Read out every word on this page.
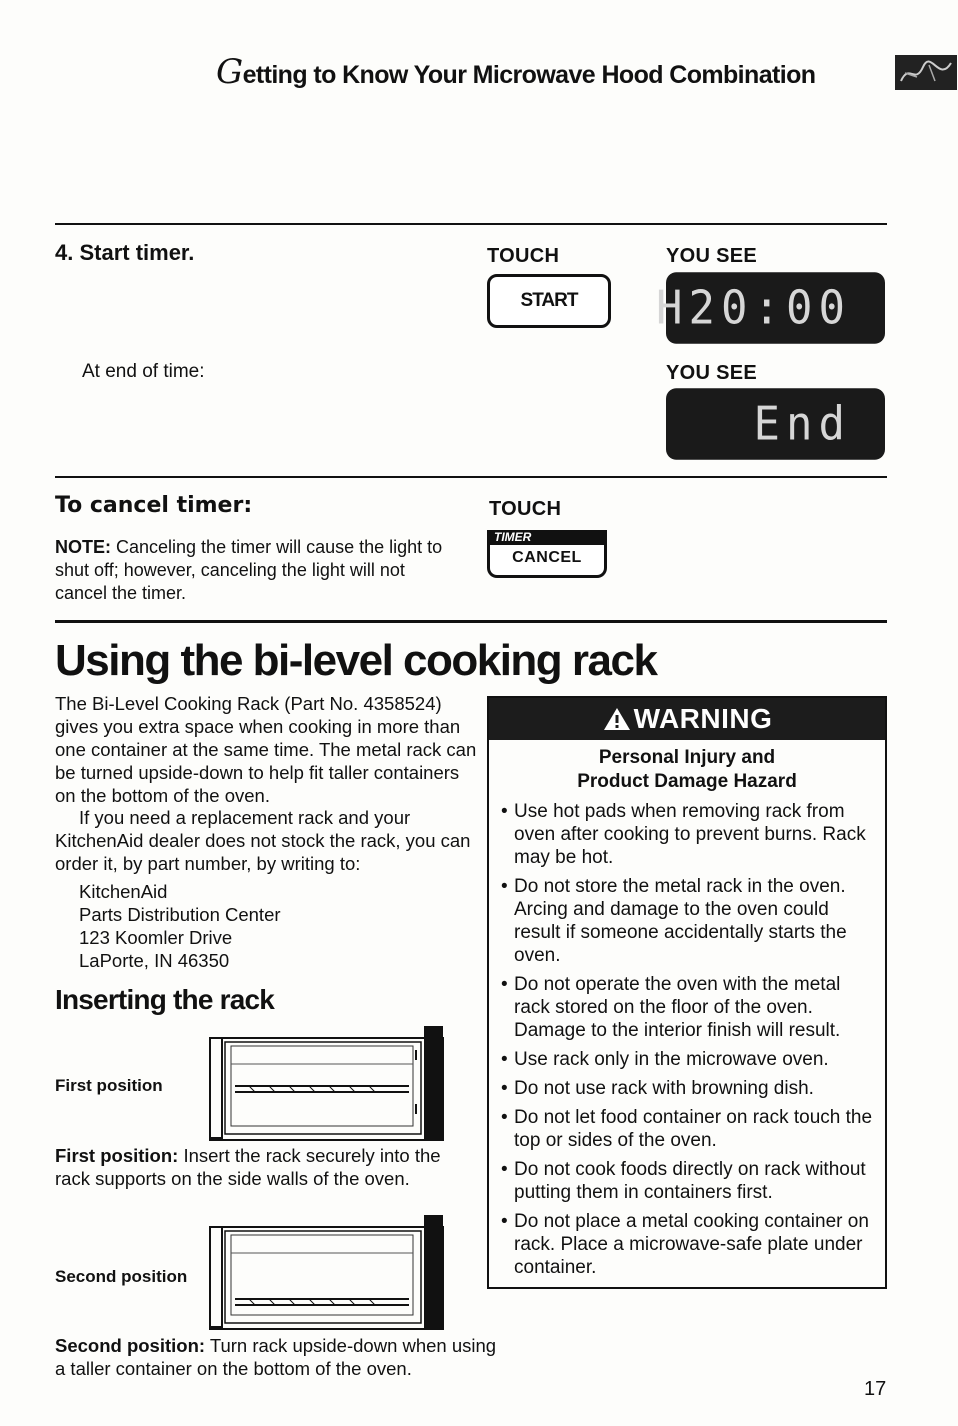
Getting to Know Your Microwave Hood Combination
4. Start timer.	TOUCH	YOU SEE
START	H20:00
At end of time:	YOU SEE
End
To cancel timer:
NOTE: Canceling the timer will cause the light to shut off; however, canceling the light will not cancel the timer.
TOUCH
TIMER
CANCEL
Using the bi-level cooking rack
The Bi-Level Cooking Rack (Part No. 4358524) gives you extra space when cooking in more than one container at the same time. The metal rack can be turned upside-down to help fit taller containers on the bottom of the oven.
If you need a replacement rack and your KitchenAid dealer does not stock the rack, you can order it, by part number, by writing to:
KitchenAid
Parts Distribution Center
123 Koomler Drive
LaPorte, IN 46350
Inserting the rack
First position
First position: Insert the rack securely into the rack supports on the side walls of the oven.
Second position
Second position: Turn rack upside-down when using a taller container on the bottom of the oven.
WARNING
Personal Injury and
Product Damage Hazard
• Use hot pads when removing rack from oven after cooking to prevent burns. Rack may be hot.
• Do not store the metal rack in the oven. Arcing and damage to the oven could result if someone accidentally starts the oven.
• Do not operate the oven with the metal rack stored on the floor of the oven. Damage to the interior finish will result.
• Use rack only in the microwave oven.
• Do not use rack with browning dish.
• Do not let food container on rack touch the top or sides of the oven.
• Do not cook foods directly on rack without putting them in containers first.
• Do not place a metal cooking container on rack. Place a microwave-safe plate under container.
17
